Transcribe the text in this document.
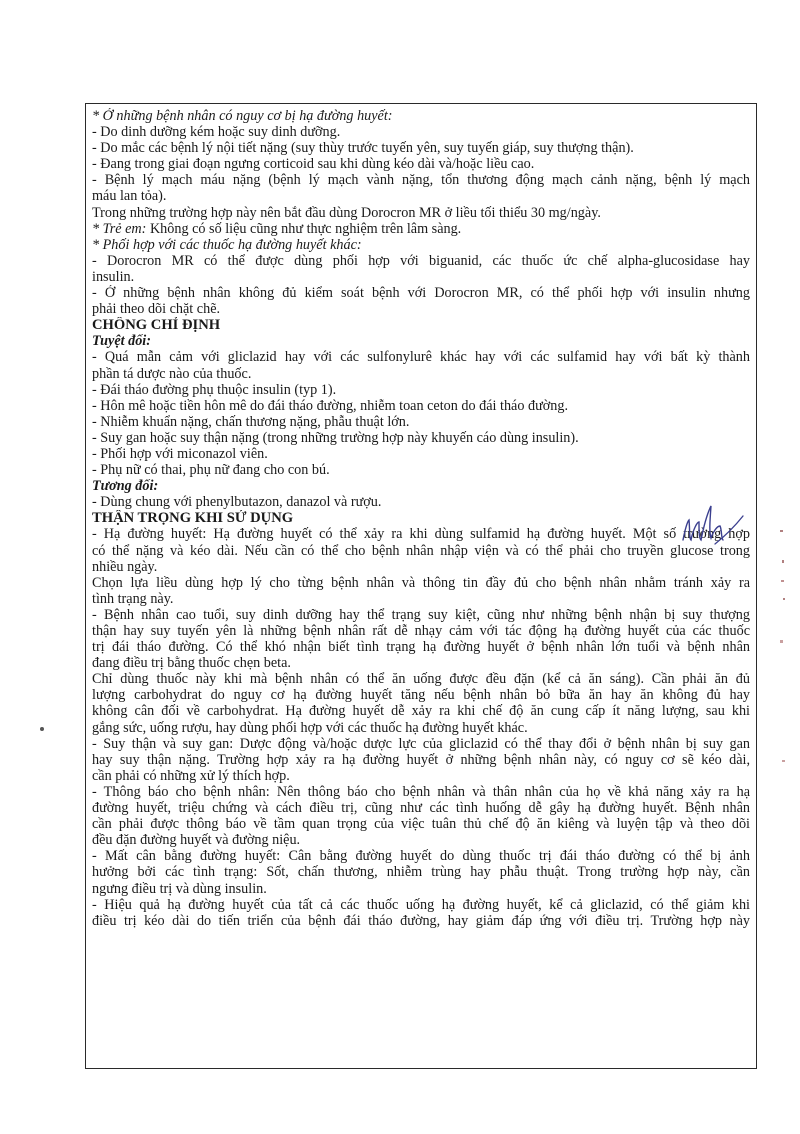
* Ở những bệnh nhân có nguy cơ bị hạ đường huyết:
- Do dinh dưỡng kém hoặc suy dinh dưỡng.
- Do mắc các bệnh lý nội tiết nặng (suy thùy trước tuyến yên, suy tuyến giáp, suy thượng thận).
- Đang trong giai đoạn ngưng corticoid sau khi dùng kéo dài và/hoặc liều cao.
- Bệnh lý mạch máu nặng (bệnh lý mạch vành nặng, tổn thương động mạch cảnh nặng, bệnh lý mạch
máu lan tỏa).
Trong những trường hợp này nên bắt đầu dùng Dorocron MR ở liều tối thiểu 30 mg/ngày.
* Trẻ em: Không có số liệu cũng như thực nghiệm trên lâm sàng.
* Phối hợp với các thuốc hạ đường huyết khác:
- Dorocron MR có thể được dùng phối hợp với biguanid, các thuốc ức chế alpha-glucosidase hay
insulin.
- Ở những bệnh nhân không đủ kiểm soát bệnh với Dorocron MR, có thể phối hợp với insulin nhưng
phải theo dõi chặt chẽ.
CHỐNG CHỈ ĐỊNH
Tuyệt đối:
- Quá mẫn cảm với gliclazid hay với các sulfonylurê khác hay với các sulfamid hay với bất kỳ thành
phần tá dược nào của thuốc.
- Đái tháo đường phụ thuộc insulin (typ 1).
- Hôn mê hoặc tiền hôn mê do đái tháo đường, nhiễm toan ceton do đái tháo đường.
- Nhiễm khuẩn nặng, chấn thương nặng, phẫu thuật lớn.
- Suy gan hoặc suy thận nặng (trong những trường hợp này khuyến cáo dùng insulin).
- Phối hợp với miconazol viên.
- Phụ nữ có thai, phụ nữ đang cho con bú.
Tương đối:
- Dùng chung với phenylbutazon, danazol và rượu.
THẬN TRỌNG KHI SỬ DỤNG
- Hạ đường huyết: Hạ đường huyết có thể xảy ra khi dùng sulfamid hạ đường huyết. Một số trường hợp
có thể nặng và kéo dài. Nếu cần có thể cho bệnh nhân nhập viện và có thể phải cho truyền glucose trong
nhiều ngày.
Chọn lựa liều dùng hợp lý cho từng bệnh nhân và thông tin đầy đủ cho bệnh nhân nhằm tránh xảy ra
tình trạng này.
- Bệnh nhân cao tuổi, suy dinh dưỡng hay thể trạng suy kiệt, cũng như những bệnh nhận bị suy thượng
thận hay suy tuyến yên là những bệnh nhân rất dễ nhạy cảm với tác động hạ đường huyết của các thuốc
trị đái tháo đường. Có thể khó nhận biết tình trạng hạ đường huyết ở bệnh nhân lớn tuổi và bệnh nhân
đang điều trị bằng thuốc chẹn beta.
Chỉ dùng thuốc này khi mà bệnh nhân có thể ăn uống được đều đặn (kể cả ăn sáng). Cần phải ăn đủ
lượng carbohydrat do nguy cơ hạ đường huyết tăng nếu bệnh nhân bỏ bữa ăn hay ăn không đủ hay
không cân đối về carbohydrat. Hạ đường huyết dễ xảy ra khi chế độ ăn cung cấp ít năng lượng, sau khi
gắng sức, uống rượu, hay dùng phối hợp với các thuốc hạ đường huyết khác.
- Suy thận và suy gan: Dược động và/hoặc dược lực của gliclazid có thể thay đổi ở bệnh nhân bị suy gan
hay suy thận nặng. Trường hợp xảy ra hạ đường huyết ở những bệnh nhân này, có nguy cơ sẽ kéo dài,
cần phải có những xử lý thích hợp.
- Thông báo cho bệnh nhân: Nên thông báo cho bệnh nhân và thân nhân của họ về khả năng xảy ra hạ
đường huyết, triệu chứng và cách điều trị, cũng như các tình huống dễ gây hạ đường huyết. Bệnh nhân
cần phải được thông báo về tầm quan trọng của việc tuân thủ chế độ ăn kiêng và luyện tập và theo dõi
đều đặn đường huyết và đường niệu.
- Mất cân bằng đường huyết: Cân bằng đường huyết do dùng thuốc trị đái tháo đường có thể bị ảnh
hưởng bởi các tình trạng: Sốt, chấn thương, nhiễm trùng hay phẫu thuật. Trong trường hợp này, cần
ngưng điều trị và dùng insulin.
- Hiệu quả hạ đường huyết của tất cả các thuốc uống hạ đường huyết, kể cả gliclazid, có thể giảm khi
điều trị kéo dài do tiến triển của bệnh đái tháo đường, hay giảm đáp ứng với điều trị. Trường hợp này
